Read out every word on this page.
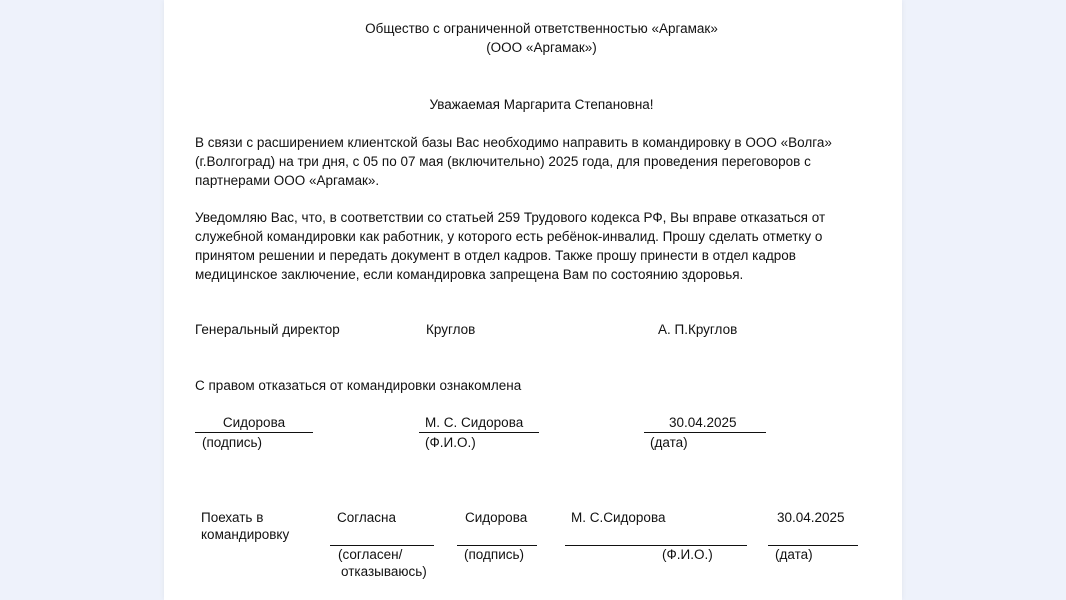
Общество с ограниченной ответственностью «Аргамак»
(ООО «Аргамак»)
Уважаемая Маргарита Степановна!
В связи с расширением клиентской базы Вас необходимо направить в командировку в ООО «Волга» (г.Волгоград) на три дня, с 05 по 07 мая (включительно) 2025 года, для проведения переговоров с партнерами ООО «Аргамак».
Уведомляю Вас, что, в соответствии со статьей 259 Трудового кодекса РФ, Вы вправе отказаться от служебной командировки как работник, у которого есть ребёнок-инвалид. Прошу сделать отметку о принятом решении и передать документ в отдел кадров. Также прошу принести в отдел кадров медицинское заключение, если командировка запрещена Вам по состоянию здоровья.
Генеральный директор	Круглов	А. П.Круглов
С правом отказаться от командировки ознакомлена
Сидорова
(подпись)
М. С. Сидорова
(Ф.И.О.)
30.04.2025
(дата)
Поехать в
командировку
Согласна
(согласен/
отказываюсь)
Сидорова
(подпись)
М. С.Сидорова
(Ф.И.О.)
30.04.2025
(дата)
